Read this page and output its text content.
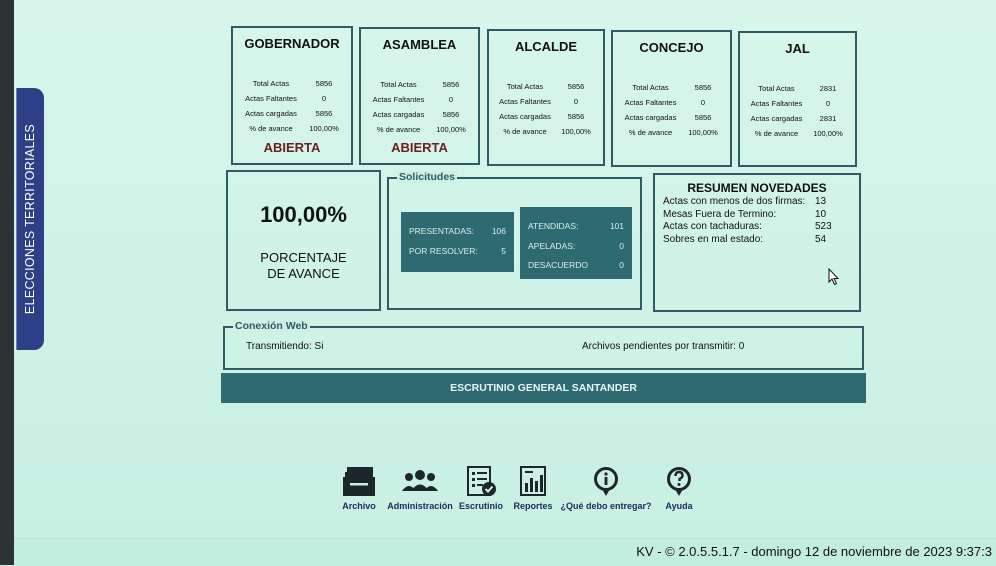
ELECCIONES TERRITORIALES
GOBERNADOR
Total Actas	5856
Actas Faltantes	0
Actas cargadas	5856
% de avance	100,00%
ABIERTA
ASAMBLEA
Total Actas	5856
Actas Faltantes	0
Actas cargadas	5856
% de avance	100,00%
ABIERTA
ALCALDE
Total Actas	5856
Actas Faltantes	0
Actas cargadas	5856
% de avance	100,00%
CONCEJO
Total Actas	5856
Actas Faltantes	0
Actas cargadas	5856
% de avance	100,00%
JAL
Total Actas	2831
Actas Faltantes	0
Actas cargadas	2831
% de avance	100,00%
100,00%
PORCENTAJE DE AVANCE
Solicitudes
PRESENTADAS: 106
POR RESOLVER:	5
ATENDIDAS:	101
APELADAS:	0
DESACUERDO	0
RESUMEN NOVEDADES
Actas con menos de dos firmas: 13
Mesas Fuera de Termino:	10
Actas con tachaduras:	523
Sobres en mal estado:	54
Conexión Web
Transmitiendo: Si	Archivos pendientes por transmitir: 0
ESCRUTINIO GENERAL SANTANDER
Archivo	Administración Escrutinio	Reportes ¿Qué debo entregar?	Ayuda
KV - © 2.0.5.5.1.7 - domingo 12 de noviembre de 2023 9:37:3
